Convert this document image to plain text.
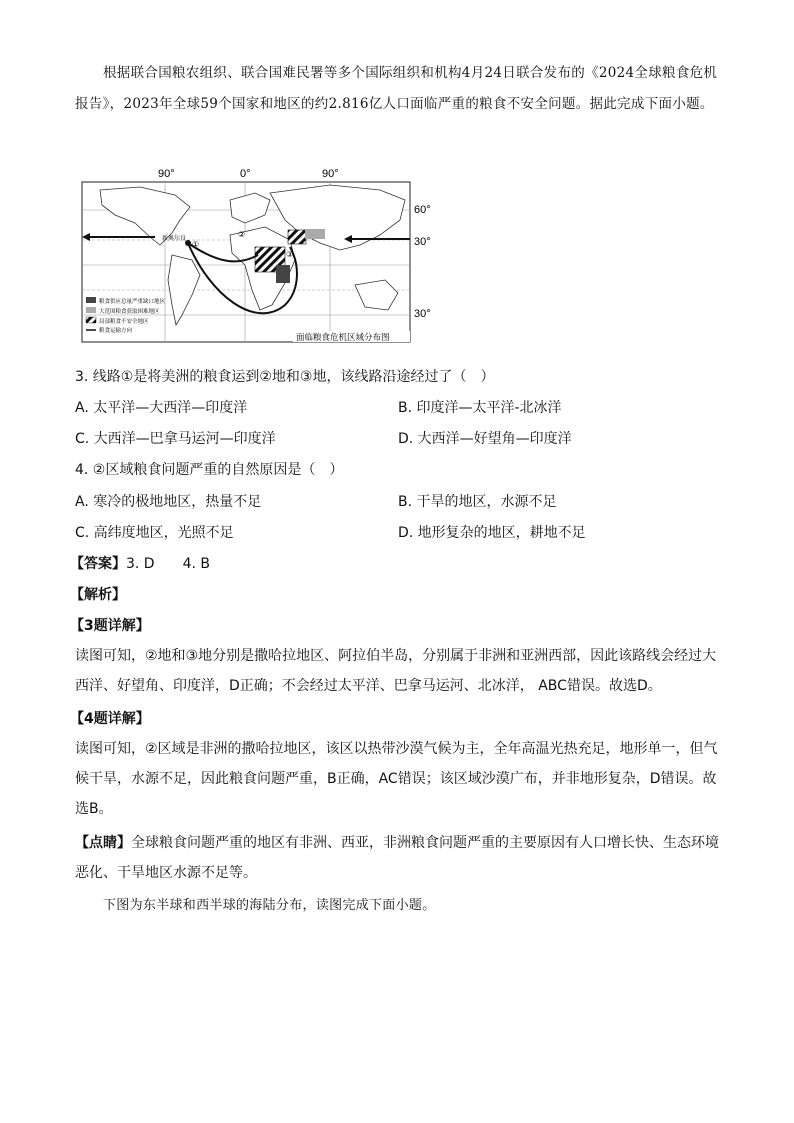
根据联合国粮农组织、联合国难民署等多个国际组织和机构4月24日联合发布的《2024全球粮食危机报告》，2023年全球59个国家和地区的约2.816亿人口面临严重的粮食不安全问题。据此完成下面小题。
90°	0°	90°
60°
30°
30°
新奥尔良
①
②
③
粮食供应总量严重缺口地区
大范围粮食获取困难地区
局部粮食不安全地区
粮食运输方向
面临粮食危机区域分布图
3. 线路①是将美洲的粮食运到②地和③地，该线路沿途经过了（　）
A. 太平洋—大西洋—印度洋	B. 印度洋—太平洋-北冰洋
C. 大西洋—巴拿马运河—印度洋	D. 大西洋—好望角—印度洋
4. ②区域粮食问题严重的自然原因是（　）
A. 寒冷的极地地区，热量不足	B. 干旱的地区，水源不足
C. 高纬度地区，光照不足	D. 地形复杂的地区，耕地不足
【答案】3. D　　4. B
【解析】
【3题详解】
读图可知，②地和③地分别是撒哈拉地区、阿拉伯半岛，分别属于非洲和亚洲西部，因此该路线会经过大西洋、好望角、印度洋，D正确；不会经过太平洋、巴拿马运河、北冰洋， ABC错误。故选D。
【4题详解】
读图可知，②区域是非洲的撒哈拉地区，该区以热带沙漠气候为主，全年高温光热充足，地形单一，但气候干旱，水源不足，因此粮食问题严重，B正确，AC错误；该区域沙漠广布，并非地形复杂，D错误。故选B。
【点睛】全球粮食问题严重的地区有非洲、西亚，非洲粮食问题严重的主要原因有人口增长快、生态环境恶化、干旱地区水源不足等。
下图为东半球和西半球的海陆分布，读图完成下面小题。
